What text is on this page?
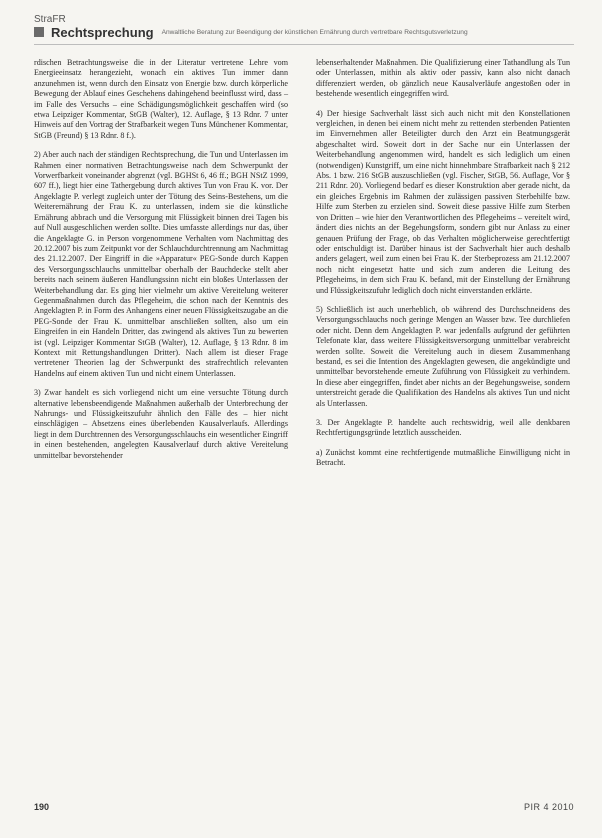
StraFR
Rechtsprechung Anwaltliche Beratung zur Beendigung der künstlichen Ernährung durch vertretbare Rechtsgutsverletzung

rdischen Betrachtungsweise die in der Literatur vertretene Lehre vom Energieeinsatz herangezieht, wonach ein aktives Tun immer dann anzunehmen ist, wenn durch den Einsatz von Energie bzw. durch körperliche Bewegung der Ablauf eines Geschehens dahingehend beeinflusst wird, dass – im Falle des Versuchs – eine Schädigungsmöglichkeit geschaffen wird (so etwa Leipziger Kommentar, StGB (Walter), 12. Auflage, § 13 Rdnr. 7 unter Hinweis auf den Vortrag der Strafbarkeit wegen Tuns Münchener Kommentar, StGB (Freund) § 13 Rdnr. 8 f.).

2) Aber auch nach der ständigen Rechtsprechung, die Tun und Unterlassen im Rahmen einer normativen Betrachtungsweise nach dem Schwerpunkt der Vorwerfbarkeit voneinander abgrenzt (vgl. BGHSt 6, 46 ff.; BGH NStZ 1999, 607 ff.), liegt hier eine Tathergebung durch aktives Tun von Frau K. vor. Der Angeklagte P. verlegt zugleich unter der Tötung des Seins-Bestehens, um die Weiterernährung der Frau K. zu unterlassen, indem sie die künstliche Ernährung abbrach und die Versorgung mit Flüssigkeit binnen drei Tagen bis auf Null ausgeschlichen werden sollte. Dies umfasste allerdings nur das, über die Angeklagte G. in Person vorgenommene Verhalten vom Nachmittag des 20.12.2007 bis zum Zeitpunkt vor der Schlauchdurchtrennung am Nachmittag des 21.12.2007. Der Eingriff in die »Apparatur« PEG-Sonde durch Kappen des Versorgungsschlauchs unmittelbar oberhalb der Bauchdecke stellt aber bereits nach seinem äußeren Handlungssinn nicht ein bloßes Unterlassen der Weiterbehandlung dar. Es ging hier vielmehr um aktive Vereitelung weiterer Gegenmaßnahmen durch das Pflegeheim, die schon nach der Kenntnis des Angeklagten P. in Form des Anhangens einer neuen Flüssigkeitszugabe an die PEG-Sonde der Frau K. unmittelbar anschließen sollten, also um ein Eingreifen in ein Handeln Dritter, das zwingend als aktives Tun zu bewerten ist (vgl. Leipziger Kommentar StGB (Walter), 12. Auflage, § 13 Rdnr. 8 im Kontext mit Rettungshandlungen Dritter). Nach allem ist dieser Frage vertretener Theorien lag der Schwerpunkt des strafrechtlich relevanten Handelns auf einem aktiven Tun und nicht einem Unterlassen.

3) Zwar handelt es sich vorliegend nicht um eine versuchte Tötung durch alternative lebensbeendigende Maßnahmen außerhalb der Unterbrechung der Nahrungs- und Flüssigkeitszufuhr ähnlich den Fälle des – hier nicht einschlägigen – Absetzens eines überlebenden Kausalverlaufs. Allerdings liegt in dem Durchtrennen des Versorgungsschlauchs ein wesentlicher Eingriff in einen bestehenden, angelegten Kausalverlauf durch aktive Vereitelung unmittelbar bevorstehender

lebenserhaltender Maßnahmen. Die Qualifizierung einer Tathandlung als Tun oder Unterlassen, mithin als aktiv oder passiv, kann also nicht danach differenziert werden, ob gänzlich neue Kausalverläufe angestoßen oder in bestehende wesentlich eingegriffen wird.

4) Der hiesige Sachverhalt lässt sich auch nicht mit den Konstellationen vergleichen, in denen bei einem nicht mehr zu rettenden sterbenden Patienten im Einvernehmen aller Beteiligter durch den Arzt ein Beatmungsgerät abgeschaltet wird. Soweit dort in der Sache nur ein Unterlassen der Weiterbehandlung angenommen wird, handelt es sich lediglich um einen (notwendigen) Kunstgriff, um eine nicht hinnehmbare Strafbarkeit nach § 212 Abs. 1 bzw. 216 StGB auszuschließen (vgl. Fischer, StGB, 56. Auflage, Vor § 211 Rdnr. 20). Vorliegend bedarf es dieser Konstruktion aber gerade nicht, da ein gleiches Ergebnis im Rahmen der zulässigen passiven Sterbehilfe bzw. Hilfe zum Sterben zu erzielen sind. Soweit diese passive Hilfe zum Sterben von Dritten – wie hier den Verantwortlichen des Pflegeheims – vereitelt wird, ändert dies nichts an der Begehungsform, sondern gibt nur Anlass zu einer genauen Prüfung der Frage, ob das Verhalten möglicherweise gerechtfertigt oder entschuldigt ist. Darüber hinaus ist der Sachverhalt hier auch deshalb anders gelagert, weil zum einen bei Frau K. der Sterbeprozess am 21.12.2007 noch nicht eingesetzt hatte und sich zum anderen die Leitung des Pflegeheims, in dem sich Frau K. befand, mit der Einstellung der Ernährung und Flüssigkeitszufuhr lediglich doch nicht einverstanden erklärte.

5) Schließlich ist auch unerheblich, ob während des Durchschneidens des Versorgungsschlauchs noch geringe Mengen an Wasser bzw. Tee durchliefen oder nicht. Denn dem Angeklagten P. war jedenfalls aufgrund der geführten Telefonate klar, dass weitere Flüssigkeitsversorgung unmittelbar verabreicht werden sollte. Soweit die Vereitelung auch in diesem Zusammenhang bestand, es sei die Intention des Angeklagten gewesen, die angekündigte und unmittelbar bevorstehende erneute Zuführung von Flüssigkeit zu verhindern. In diese aber eingegriffen, findet aber nichts an der Begehungsweise, sondern unterstreicht gerade die Qualifikation des Handelns als aktives Tun und nicht als Unterlassen.

3. Der Angeklagte P. handelte auch rechtswidrig, weil alle denkbaren Rechtfertigungsgründe letztlich ausscheiden.

a) Zunächst kommt eine rechtfertigende mutmaßliche Einwilligung nicht in Betracht.

190	PIR 4 2010
